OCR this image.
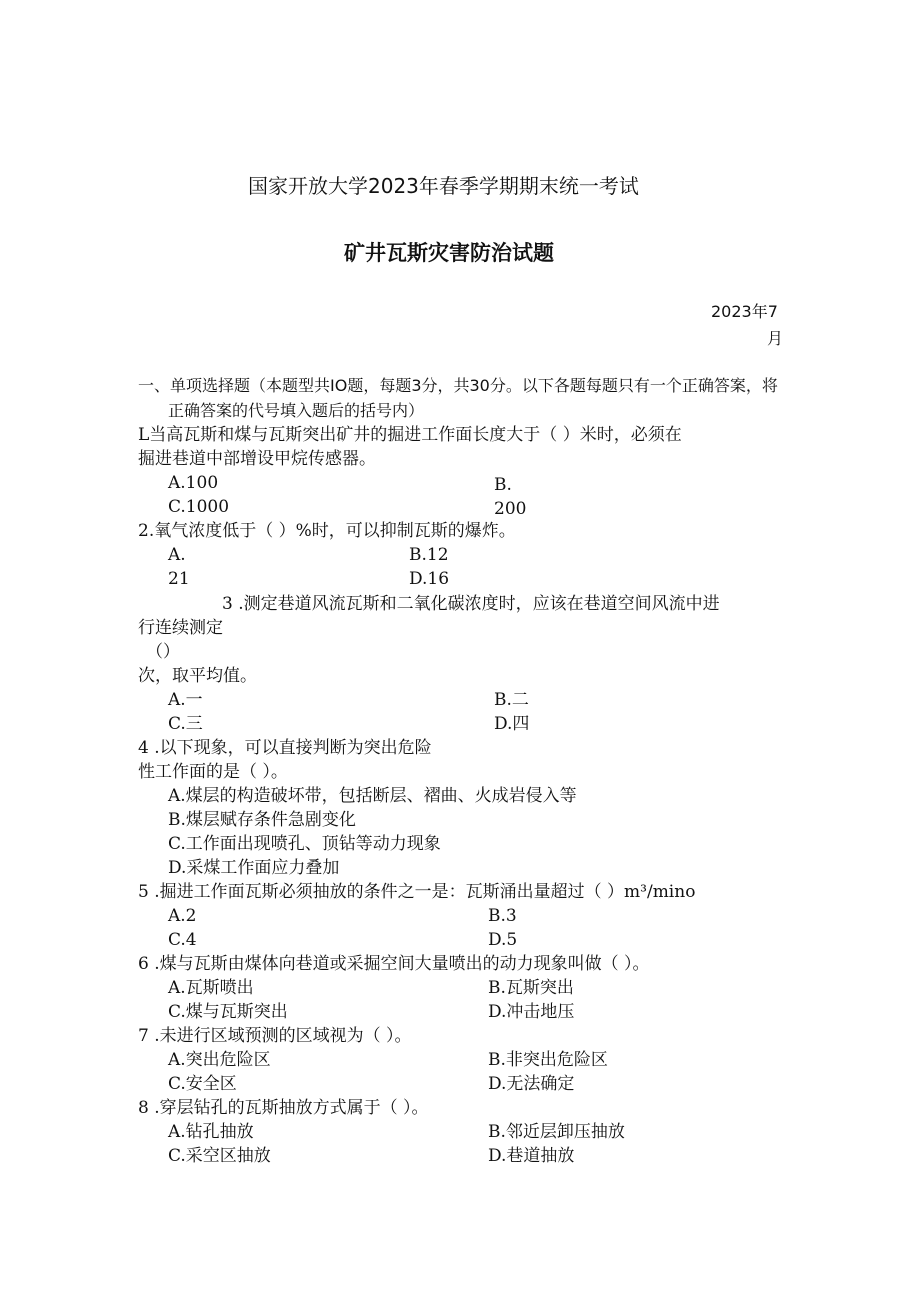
国家开放大学2023年春季学期期末统一考试
矿井瓦斯灾害防治试题
2023年7
月
一、单项选择题（本题型共IO题，每题3分，共30分。以下各题每题只有一个正确答案，将
正确答案的代号填入题后的括号内）
L当高瓦斯和煤与瓦斯突出矿井的掘进工作面长度大于（ ）米时，必须在
掘进巷道中部增设甲烷传感器。
A.100	B.
C.1000	200
2.氧气浓度低于（ ）%时，可以抑制瓦斯的爆炸。
A.	B.12
21	D.16
3 .测定巷道风流瓦斯和二氧化碳浓度时，应该在巷道空间风流中进
行连续测定
（）
次，取平均值。
A.一	B.二
C.三	D.四
4 .以下现象，可以直接判断为突出危险
性工作面的是（ ）。
A.煤层的构造破坏带，包括断层、褶曲、火成岩侵入等
B.煤层赋存条件急剧变化
C.工作面出现喷孔、顶钻等动力现象
D.采煤工作面应力叠加
5 .掘进工作面瓦斯必须抽放的条件之一是：瓦斯涌出量超过（ ）m³/mino
A.2	B.3
C.4	D.5
6 .煤与瓦斯由煤体向巷道或采掘空间大量喷出的动力现象叫做（ ）。
A.瓦斯喷出	B.瓦斯突出
C.煤与瓦斯突出	D.冲击地压
7 .未进行区域预测的区域视为（ ）。
A.突出危险区	B.非突出危险区
C.安全区	D.无法确定
8 .穿层钻孔的瓦斯抽放方式属于（ ）。
A.钻孔抽放	B.邻近层卸压抽放
C.采空区抽放	D.巷道抽放
